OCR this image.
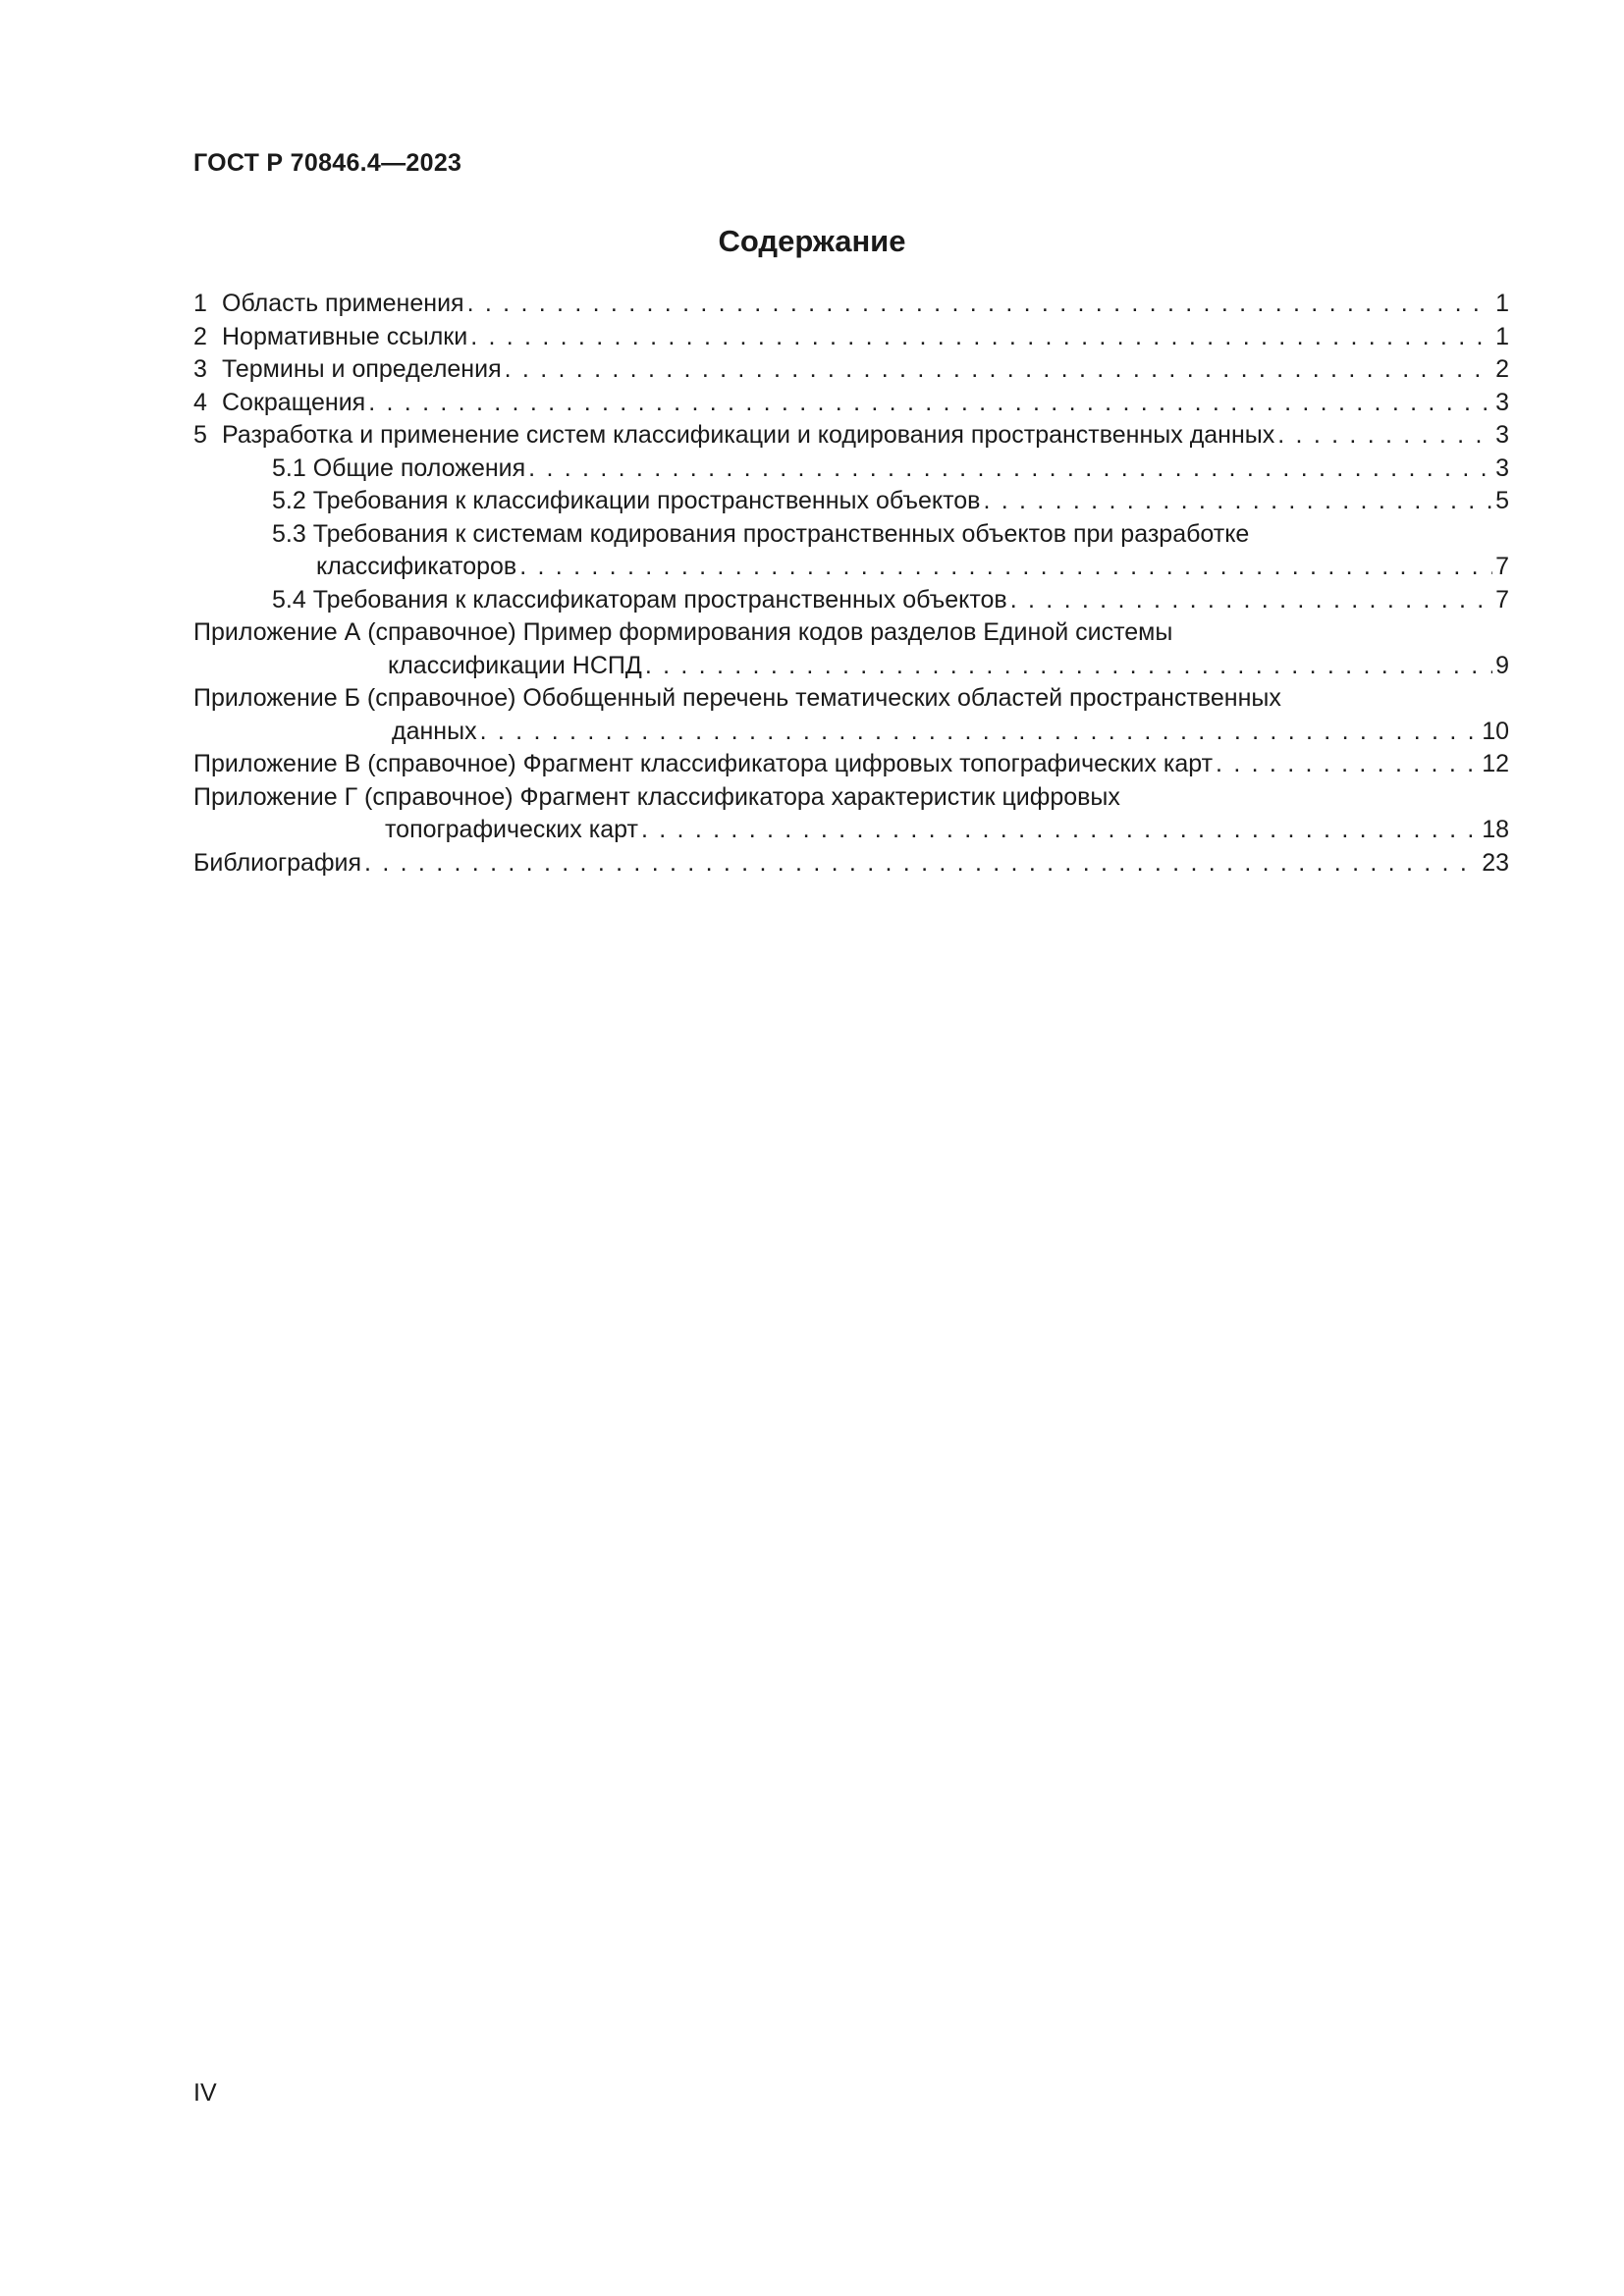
ГОСТ Р 70846.4—2023
Содержание
1 Область применения . . .	1
2 Нормативные ссылки . . .	1
3 Термины и определения . . .	2
4 Сокращения . . .	3
5 Разработка и применение систем классификации и кодирования пространственных данных . . .	3
5.1 Общие положения . . .	3
5.2 Требования к классификации пространственных объектов . . .	5
5.3 Требования к системам кодирования пространственных объектов при разработке
классификаторов . . .	7
5.4 Требования к классификаторам пространственных объектов . . .	7
Приложение А (справочное) Пример формирования кодов разделов Единой системы
классификации НСПД . . .	9
Приложение Б (справочное) Обобщенный перечень тематических областей пространственных
данных . . .	10
Приложение В (справочное) Фрагмент классификатора цифровых топографических карт . . .	12
Приложение Г (справочное) Фрагмент классификатора характеристик цифровых
топографических карт . . .	18
Библиография . . .	23
IV
